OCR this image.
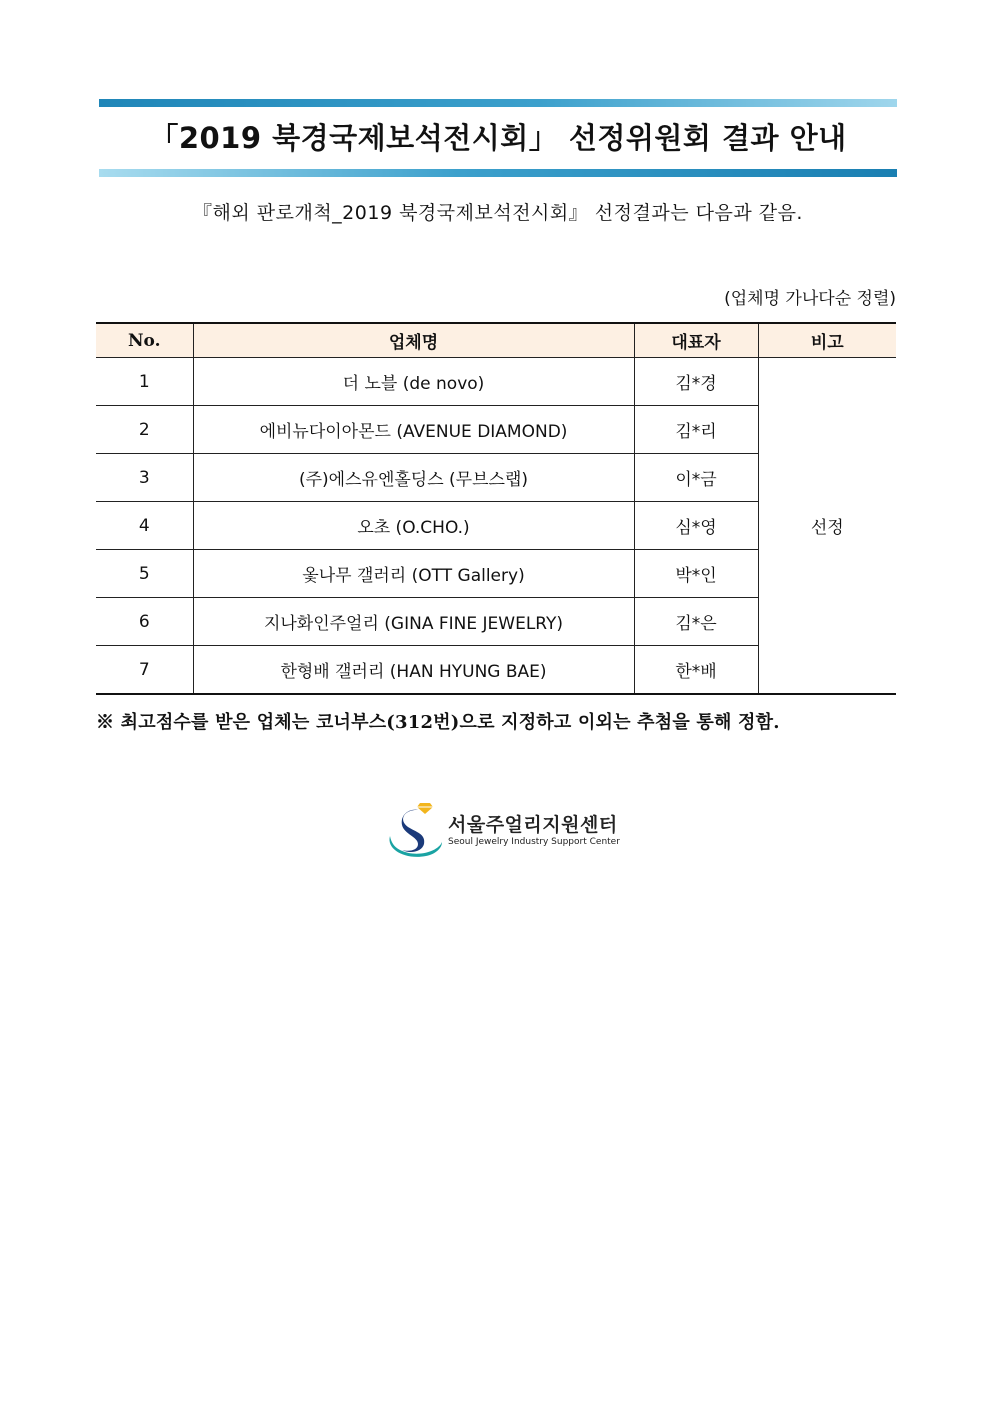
「2019 북경국제보석전시회」 선정위원회 결과 안내
『해외 판로개척_2019 북경국제보석전시회』 선정결과는 다음과 같음.
(업체명 가나다순 정렬)
No.	업체명	대표자	비고
1	더 노블 (de novo)	김*경	선정
2	에비뉴다이아몬드 (AVENUE DIAMOND)	김*리	
3	(주)에스유엔홀딩스 (무브스랩)	이*금	
4	오초 (O.CHO.)	심*영	
5	옻나무 갤러리 (OTT Gallery)	박*인	
6	지나화인주얼리 (GINA FINE JEWELRY)	김*은	
7	한형배 갤러리 (HAN HYUNG BAE)	한*배	
※ 최고점수를 받은 업체는 코너부스(312번)으로 지정하고 이외는 추첨을 통해 정함.
서울주얼리지원센터
Seoul Jewelry Industry Support Center
